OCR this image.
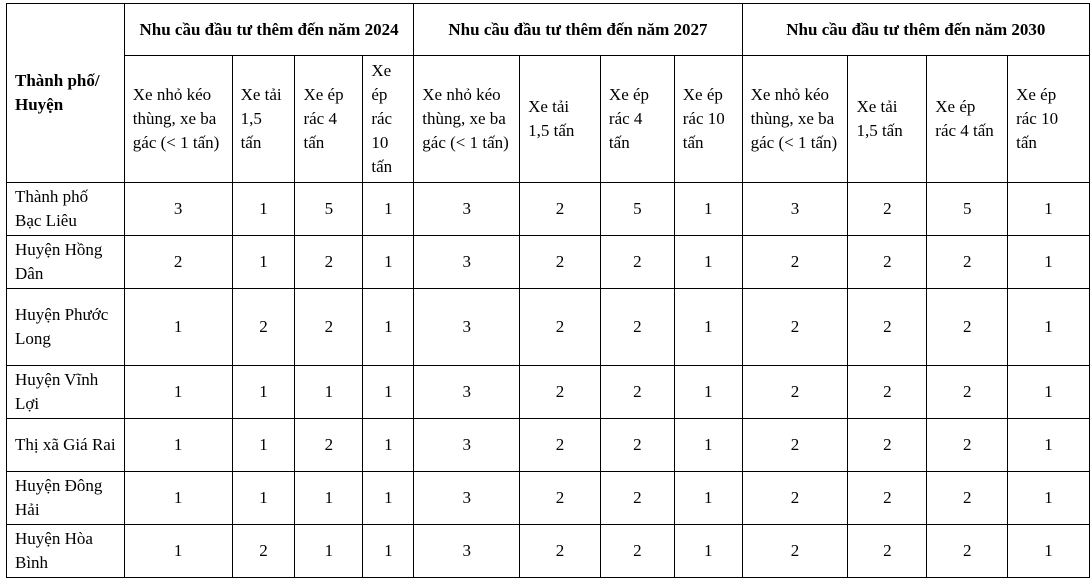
Thành phố/ Huyện	Nhu cầu đầu tư thêm đến năm 2024				Nhu cầu đầu tư thêm đến năm 2027				Nhu cầu đầu tư thêm đến năm 2030			
	Xe nhỏ kéo thùng, xe ba gác (< 1 tấn)	Xe tải 1,5 tấn	Xe ép rác 4 tấn	Xe ép rác 10 tấn	Xe nhỏ kéo thùng, xe ba gác (< 1 tấn)	Xe tải 1,5 tấn	Xe ép rác 4 tấn	Xe ép rác 10 tấn	Xe nhỏ kéo thùng, xe ba gác (< 1 tấn)	Xe tải 1,5 tấn	Xe ép rác 4 tấn	Xe ép rác 10 tấn
Thành phố Bạc Liêu	3	1	5	1	3	2	5	1	3	2	5	1
Huyện Hồng Dân	2	1	2	1	3	2	2	1	2	2	2	1
Huyện Phước Long	1	2	2	1	3	2	2	1	2	2	2	1
Huyện Vĩnh Lợi	1	1	1	1	3	2	2	1	2	2	2	1
Thị xã Giá Rai	1	1	2	1	3	2	2	1	2	2	2	1
Huyện Đông Hải	1	1	1	1	3	2	2	1	2	2	2	1
Huyện Hòa Bình	1	2	1	1	3	2	2	1	2	2	2	1
